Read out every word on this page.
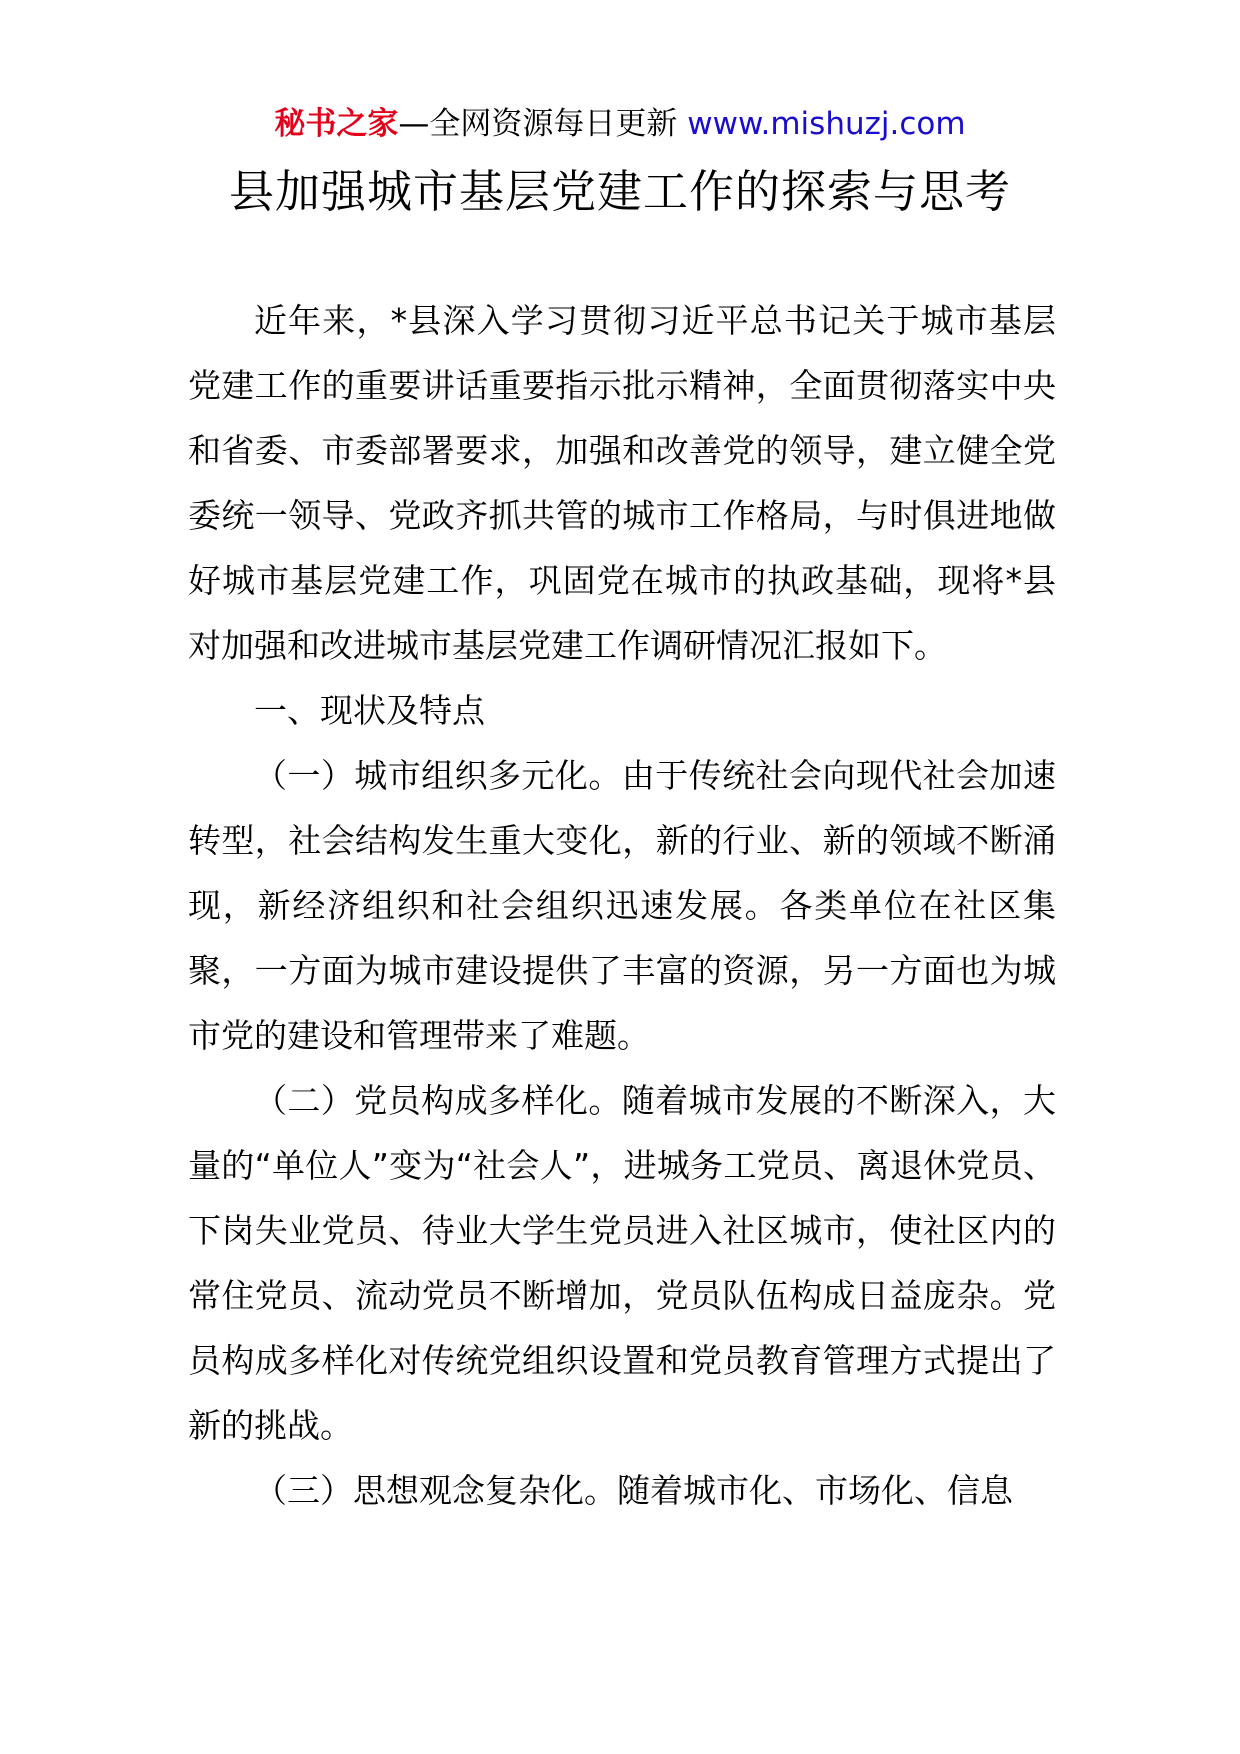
秘书之家—全网资源每日更新 www.mishuzj.com
县加强城市基层党建工作的探索与思考

近年来，*县深入学习贯彻习近平总书记关于城市基层党建工作的重要讲话重要指示批示精神，全面贯彻落实中央和省委、市委部署要求，加强和改善党的领导，建立健全党委统一领导、党政齐抓共管的城市工作格局，与时俱进地做好城市基层党建工作，巩固党在城市的执政基础，现将*县对加强和改进城市基层党建工作调研情况汇报如下。

一、现状及特点

（一）城市组织多元化。由于传统社会向现代社会加速转型，社会结构发生重大变化，新的行业、新的领域不断涌现，新经济组织和社会组织迅速发展。各类单位在社区集聚，一方面为城市建设提供了丰富的资源，另一方面也为城市党的建设和管理带来了难题。

（二）党员构成多样化。随着城市发展的不断深入，大量的“单位人”变为“社会人”，进城务工党员、离退休党员、下岗失业党员、待业大学生党员进入社区城市，使社区内的常住党员、流动党员不断增加，党员队伍构成日益庞杂。党员构成多样化对传统党组织设置和党员教育管理方式提出了新的挑战。

（三）思想观念复杂化。随着城市化、市场化、信息
